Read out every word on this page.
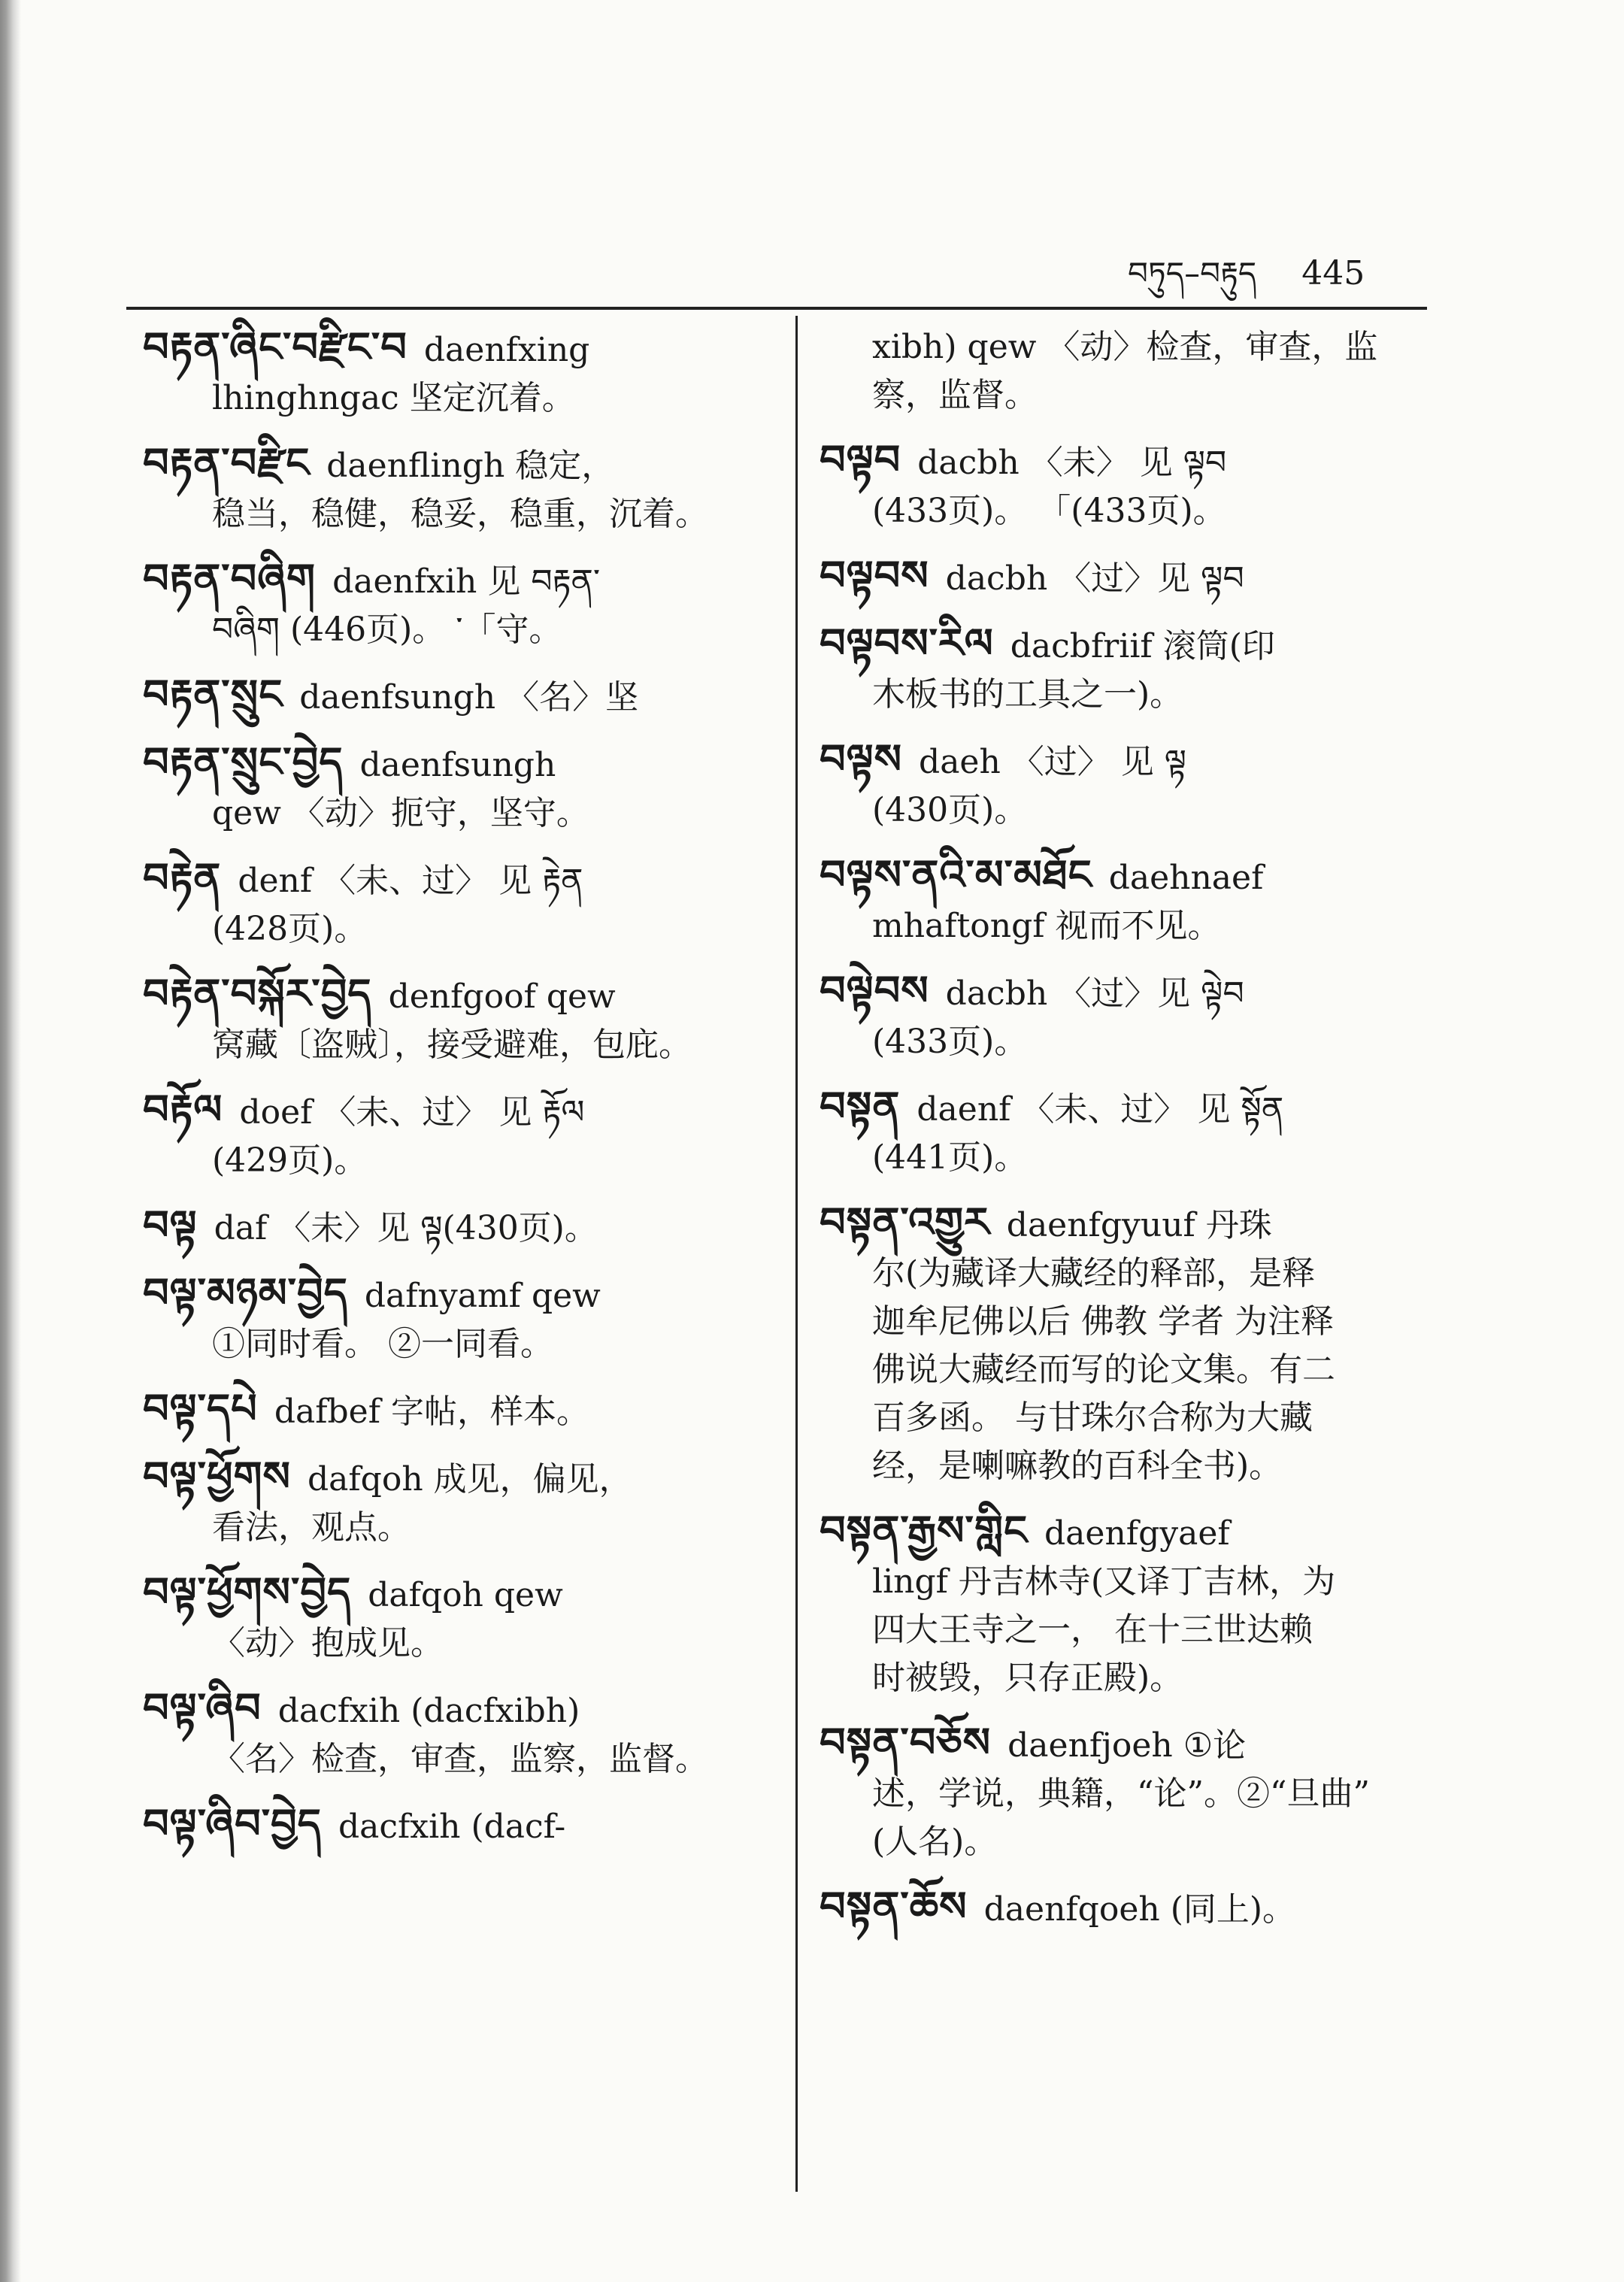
བཏུད–བརྟུད 445
བརྟན་ཞིང་བརྫིང་བ daenfxing
lhinghngac 坚定沉着。
བརྟན་བརྫིང daenflingh 稳定，
稳当，稳健，稳妥，稳重，沉着。
བརྟན་བཞིག daenfxih 见 བརྟན་
བཞིག (446页)。 ་「守。
བརྟན་སྲུང daenfsungh 〈名〉坚
བརྟན་སྲུང་བྱེད daenfsungh
qew 〈动〉扼守，坚守。
བརྟེན denf 〈未、过〉 见 རྟེན
(428页)。
བརྟེན་བསྐོར་བྱེད denfgoof qew
窝藏〔盗贼〕，接受避难，包庇。
བརྟོལ doef 〈未、过〉 见 རྟོལ
(429页)。
བལྟ daf 〈未〉见 ལྟ(430页)。
བལྟ་མཉམ་བྱེད dafnyamf qew
①同时看。 ②一同看。
བལྟ་དཔེ dafbef 字帖，样本。
བལྟ་ཕྱོགས dafqoh 成见，偏见，
看法，观点。
བལྟ་ཕྱོགས་བྱེད dafqoh qew
〈动〉抱成见。
བལྟ་ཞིབ dacfxih (dacfxibh)
〈名〉检查，审查，监察，监督。
བལྟ་ཞིབ་བྱེད dacfxih (dacf-
xibh) qew 〈动〉检查，审查，监
察，监督。
བལྟབ dacbh 〈未〉 见 ལྟབ
(433页)。 「(433页)。
བལྟབས dacbh 〈过〉见 ལྟབ
བལྟབས་རིལ dacbfriif 滚筒(印
木板书的工具之一)。
བལྟས daeh 〈过〉 见 ལྟ
(430页)。
བལྟས་ནའི་མ་མཐོང daehnaef
mhaftongf 视而不见。
བལྟེབས dacbh 〈过〉见 ལྟེབ
(433页)。
བསྟན daenf 〈未、过〉 见 སྟོན
(441页)。
བསྟན་འགྱུར daenfgyuuf 丹珠
尔(为藏译大藏经的释部，是释
迦牟尼佛以后 佛教 学者 为注释
佛说大藏经而写的论文集。有二
百多函。 与甘珠尔合称为大藏
经，是喇嘛教的百科全书)。
བསྟན་རྒྱས་གླིང daenfgyaef
lingf 丹吉林寺(又译丁吉林，为
四大王寺之一， 在十三世达赖
时被毁，只存正殿)。
བསྟན་བཅོས daenfjoeh ①论
述，学说，典籍，“论”。②“旦曲”
(人名)。
བསྟན་ཆོས daenfqoeh (同上)。
